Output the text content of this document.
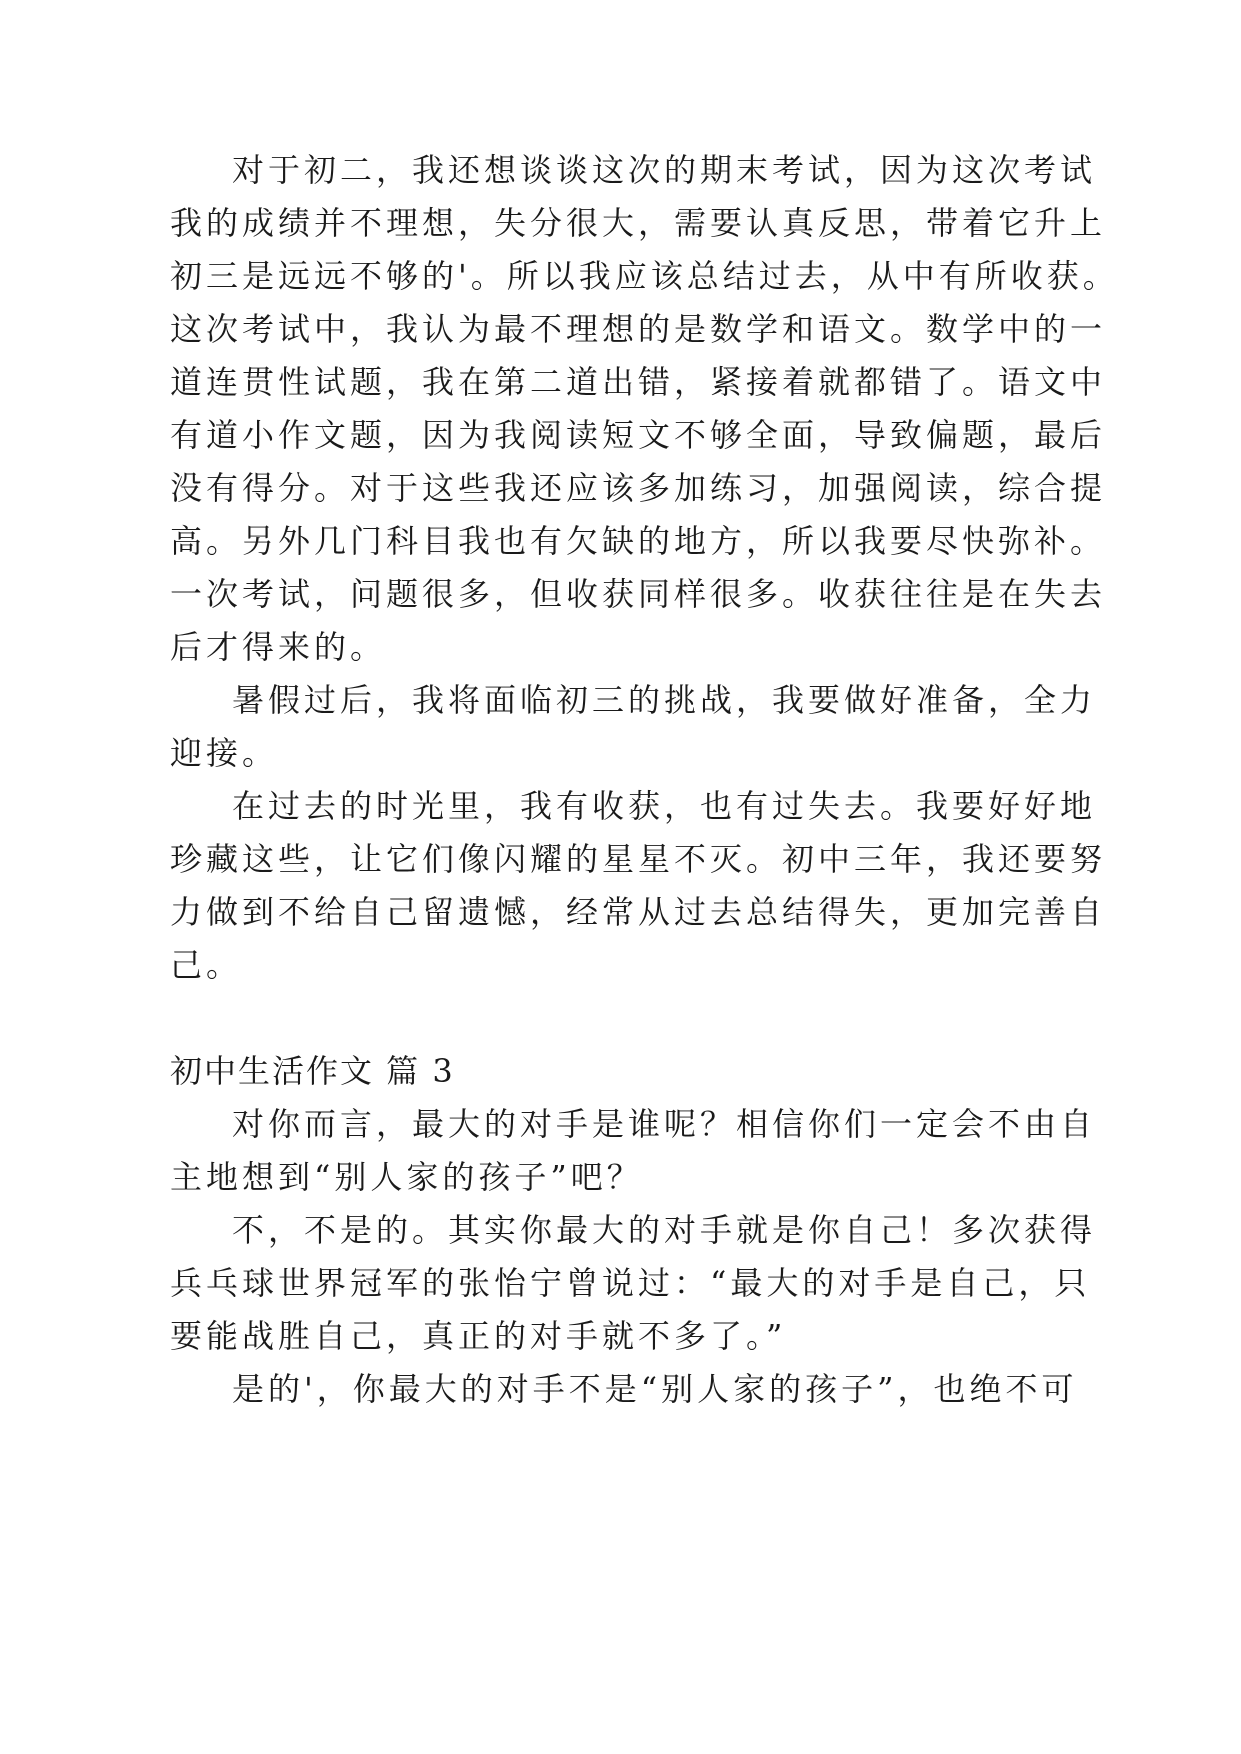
对于初二，我还想谈谈这次的期末考试，因为这次考试
我的成绩并不理想，失分很大，需要认真反思，带着它升上
初三是远远不够的'。所以我应该总结过去，从中有所收获。
这次考试中，我认为最不理想的是数学和语文。数学中的一
道连贯性试题，我在第二道出错，紧接着就都错了。语文中
有道小作文题，因为我阅读短文不够全面，导致偏题，最后
没有得分。对于这些我还应该多加练习，加强阅读，综合提
高。另外几门科目我也有欠缺的地方，所以我要尽快弥补。
一次考试，问题很多，但收获同样很多。收获往往是在失去
后才得来的。
暑假过后，我将面临初三的挑战，我要做好准备，全力
迎接。
在过去的时光里，我有收获，也有过失去。我要好好地
珍藏这些，让它们像闪耀的星星不灭。初中三年，我还要努
力做到不给自己留遗憾，经常从过去总结得失，更加完善自
己。
初中生活作文 篇 3
对你而言，最大的对手是谁呢？相信你们一定会不由自
主地想到“别人家的孩子”吧？
不，不是的。其实你最大的对手就是你自己！多次获得
兵乓球世界冠军的张怡宁曾说过：“最大的对手是自己，只
要能战胜自己，真正的对手就不多了。”
是的'，你最大的对手不是“别人家的孩子”，也绝不可
